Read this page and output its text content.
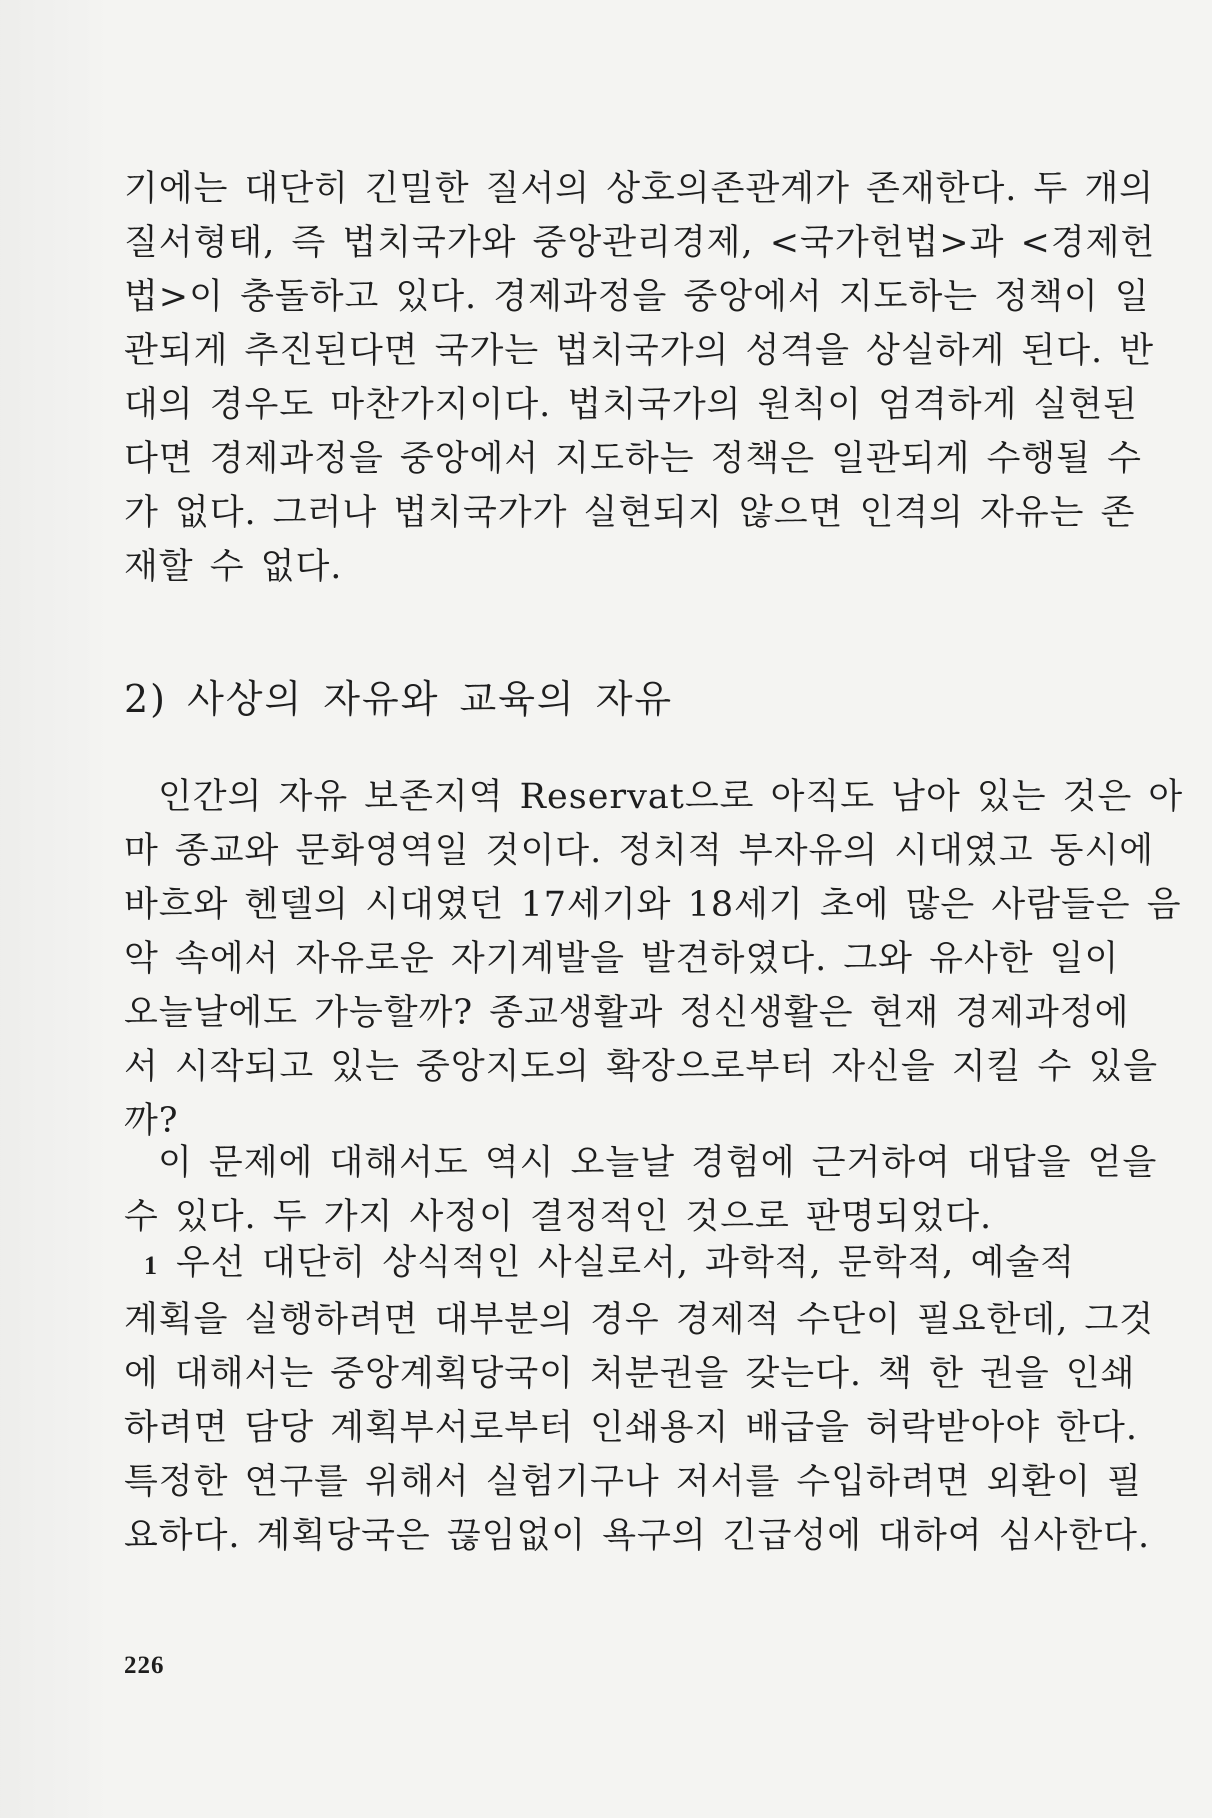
기에는 대단히 긴밀한 질서의 상호의존관계가 존재한다. 두 개의
질서형태, 즉 법치국가와 중앙관리경제, <국가헌법>과 <경제헌
법>이 충돌하고 있다. 경제과정을 중앙에서 지도하는 정책이 일
관되게 추진된다면 국가는 법치국가의 성격을 상실하게 된다. 반
대의 경우도 마찬가지이다. 법치국가의 원칙이 엄격하게 실현된
다면 경제과정을 중앙에서 지도하는 정책은 일관되게 수행될 수
가 없다. 그러나 법치국가가 실현되지 않으면 인격의 자유는 존
재할 수 없다.
2) 사상의 자유와 교육의 자유
인간의 자유 보존지역 Reservat으로 아직도 남아 있는 것은 아
마 종교와 문화영역일 것이다. 정치적 부자유의 시대였고 동시에
바흐와 헨델의 시대였던 17세기와 18세기 초에 많은 사람들은 음
악 속에서 자유로운 자기계발을 발견하였다. 그와 유사한 일이
오늘날에도 가능할까? 종교생활과 정신생활은 현재 경제과정에
서 시작되고 있는 중앙지도의 확장으로부터 자신을 지킬 수 있을
까?
이 문제에 대해서도 역시 오늘날 경험에 근거하여 대답을 얻을
수 있다. 두 가지 사정이 결정적인 것으로 판명되었다.
1 우선 대단히 상식적인 사실로서, 과학적, 문학적, 예술적
계획을 실행하려면 대부분의 경우 경제적 수단이 필요한데, 그것
에 대해서는 중앙계획당국이 처분권을 갖는다. 책 한 권을 인쇄
하려면 담당 계획부서로부터 인쇄용지 배급을 허락받아야 한다.
특정한 연구를 위해서 실험기구나 저서를 수입하려면 외환이 필
요하다. 계획당국은 끊임없이 욕구의 긴급성에 대하여 심사한다.
226
